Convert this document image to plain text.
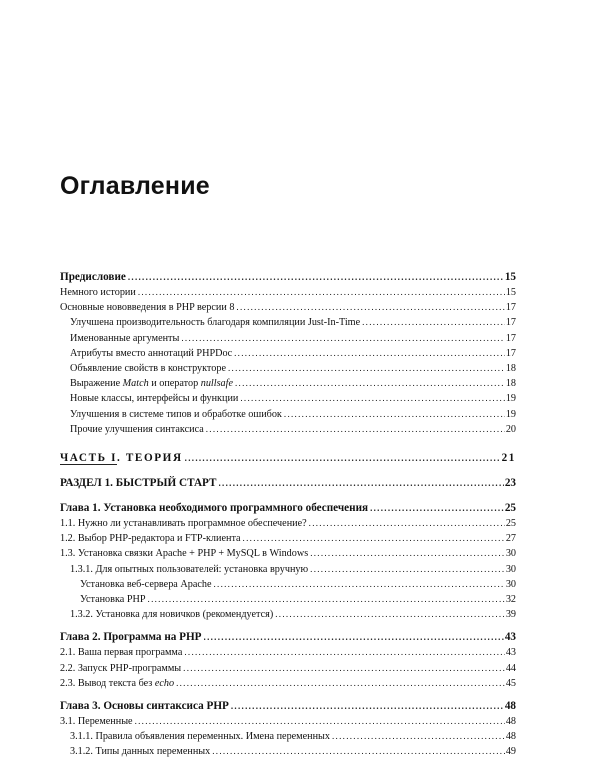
Оглавление
Предисловие .....	15
Немного истории .....	15
Основные нововведения в PHP версии 8 .....	17
Улучшена производительность благодаря компиляции Just-In-Time .....	17
Именованные аргументы .....	17
Атрибуты вместо аннотаций PHPDoc .....	17
Объявление свойств в конструкторе .....	18
Выражение Match и оператор nullsafe .....	18
Новые классы, интерфейсы и функции .....	19
Улучшения в системе типов и обработке ошибок .....	19
Прочие улучшения синтаксиса .....	20
ЧАСТЬ I. ТЕОРИЯ .....	21
РАЗДЕЛ 1. БЫСТРЫЙ СТАРТ .....	23
Глава 1. Установка необходимого программного обеспечения .....	25
1.1. Нужно ли устанавливать программное обеспечение? .....	25
1.2. Выбор PHP-редактора и FTP-клиента .....	27
1.3. Установка связки Apache + PHP + MySQL в Windows .....	30
1.3.1. Для опытных пользователей: установка вручную .....	30
Установка веб-сервера Apache .....	30
Установка PHP .....	32
1.3.2. Установка для новичков (рекомендуется) .....	39
Глава 2. Программа на PHP .....	43
2.1. Ваша первая программа .....	43
2.2. Запуск PHP-программы .....	44
2.3. Вывод текста без echo .....	45
Глава 3. Основы синтаксиса PHP .....	48
3.1. Переменные .....	48
3.1.1. Правила объявления переменных. Имена переменных .....	48
3.1.2. Типы данных переменных .....	49
